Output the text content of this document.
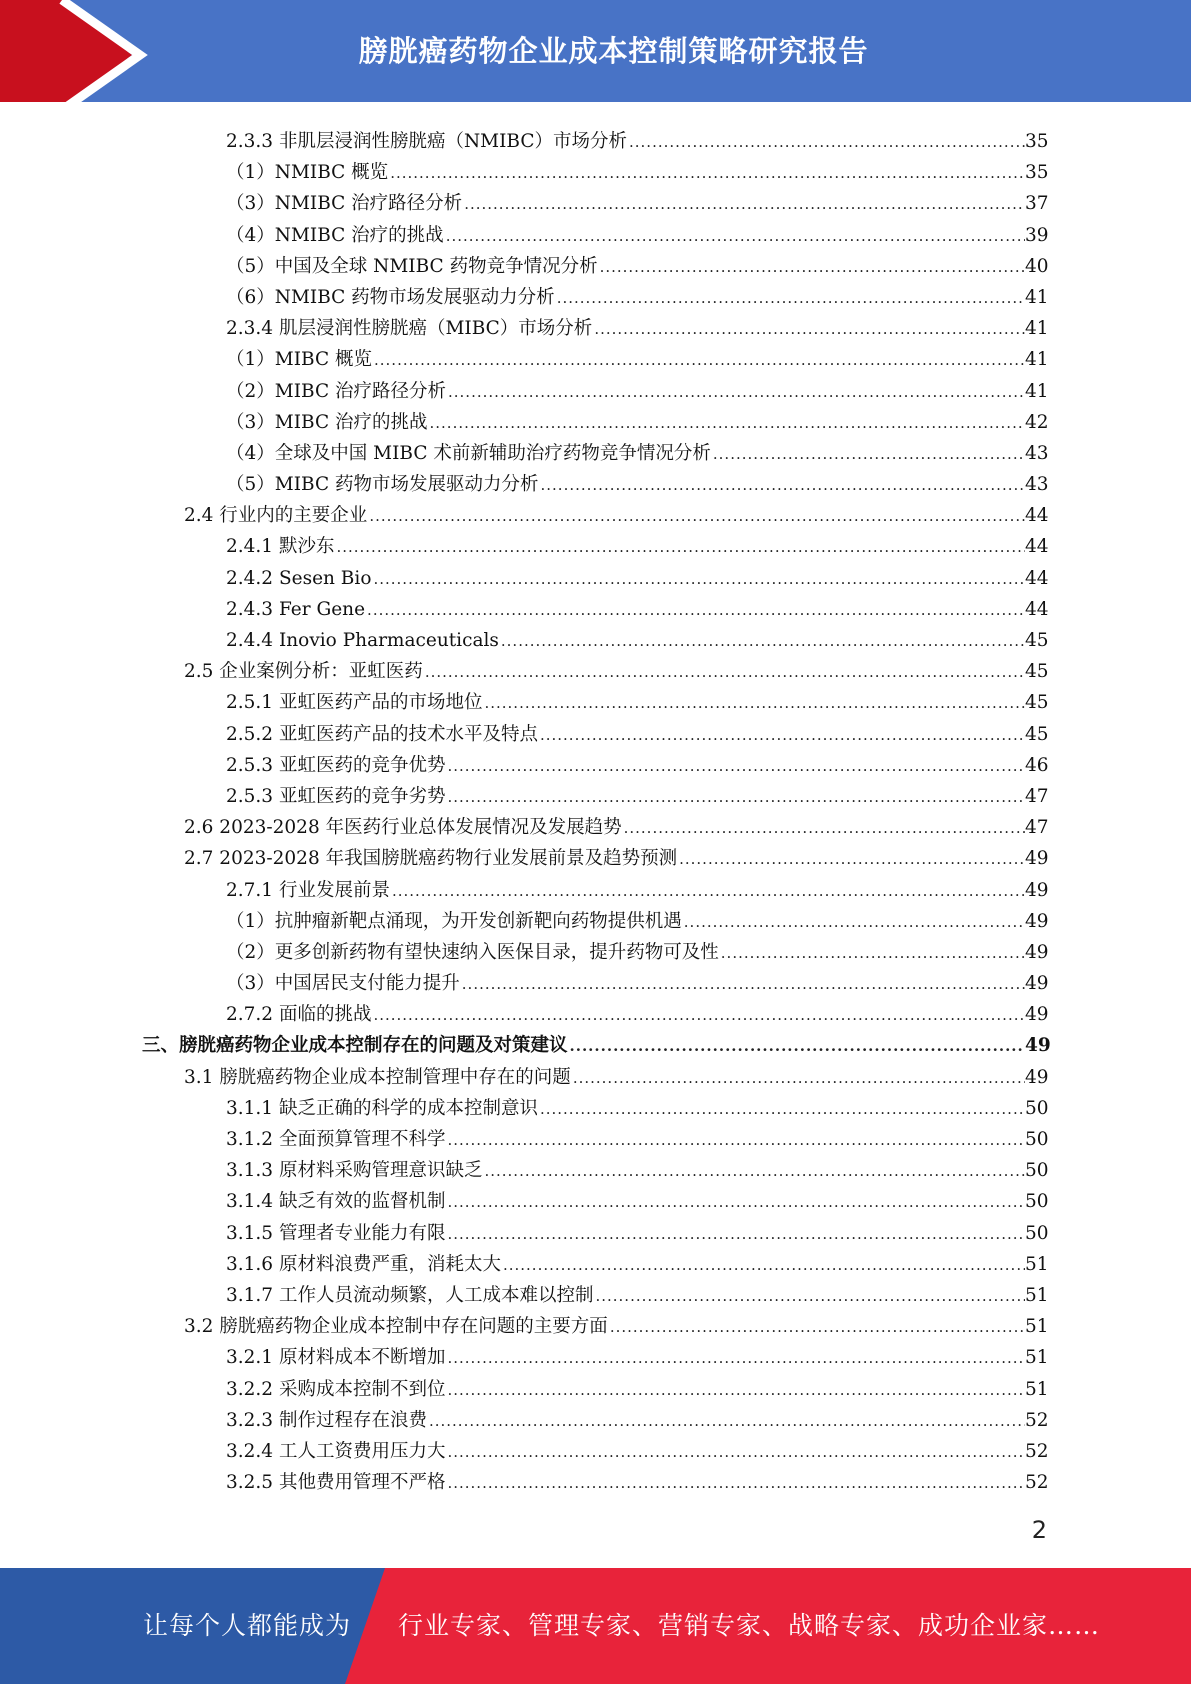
膀胱癌药物企业成本控制策略研究报告
2.3.3 非肌层浸润性膀胱癌（NMIBC）市场分析 .....	35
（1）NMIBC 概览 .....	35
（3）NMIBC 治疗路径分析 .....	37
（4）NMIBC 治疗的挑战 .....	39
（5）中国及全球 NMIBC 药物竞争情况分析 .....	40
（6）NMIBC 药物市场发展驱动力分析 .....	41
2.3.4 肌层浸润性膀胱癌（MIBC）市场分析 .....	41
（1）MIBC 概览 .....	41
（2）MIBC 治疗路径分析 .....	41
（3）MIBC 治疗的挑战 .....	42
（4）全球及中国 MIBC 术前新辅助治疗药物竞争情况分析 .....	43
（5）MIBC 药物市场发展驱动力分析 .....	43
2.4 行业内的主要企业 .....	44
2.4.1 默沙东 .....	44
2.4.2 Sesen Bio .....	44
2.4.3 Fer Gene .....	44
2.4.4 Inovio Pharmaceuticals .....	45
2.5 企业案例分析：亚虹医药 .....	45
2.5.1 亚虹医药产品的市场地位 .....	45
2.5.2 亚虹医药产品的技术水平及特点 .....	45
2.5.3 亚虹医药的竞争优势 .....	46
2.5.3 亚虹医药的竞争劣势 .....	47
2.6 2023-2028 年医药行业总体发展情况及发展趋势 .....	47
2.7 2023-2028 年我国膀胱癌药物行业发展前景及趋势预测 .....	49
2.7.1 行业发展前景 .....	49
（1）抗肿瘤新靶点涌现，为开发创新靶向药物提供机遇 .....	49
（2）更多创新药物有望快速纳入医保目录，提升药物可及性 .....	49
（3）中国居民支付能力提升 .....	49
2.7.2 面临的挑战 .....	49
三、膀胱癌药物企业成本控制存在的问题及对策建议 .....	49
3.1 膀胱癌药物企业成本控制管理中存在的问题 .....	49
3.1.1 缺乏正确的科学的成本控制意识 .....	50
3.1.2 全面预算管理不科学 .....	50
3.1.3 原材料采购管理意识缺乏 .....	50
3.1.4 缺乏有效的监督机制 .....	50
3.1.5 管理者专业能力有限 .....	50
3.1.6 原材料浪费严重，消耗太大 .....	51
3.1.7 工作人员流动频繁，人工成本难以控制 .....	51
3.2 膀胱癌药物企业成本控制中存在问题的主要方面 .....	51
3.2.1 原材料成本不断增加 .....	51
3.2.2 采购成本控制不到位 .....	51
3.2.3 制作过程存在浪费 .....	52
3.2.4 工人工资费用压力大 .....	52
3.2.5 其他费用管理不严格 .....	52
2
让每个人都能成为 行业专家、管理专家、营销专家、战略专家、成功企业家……
